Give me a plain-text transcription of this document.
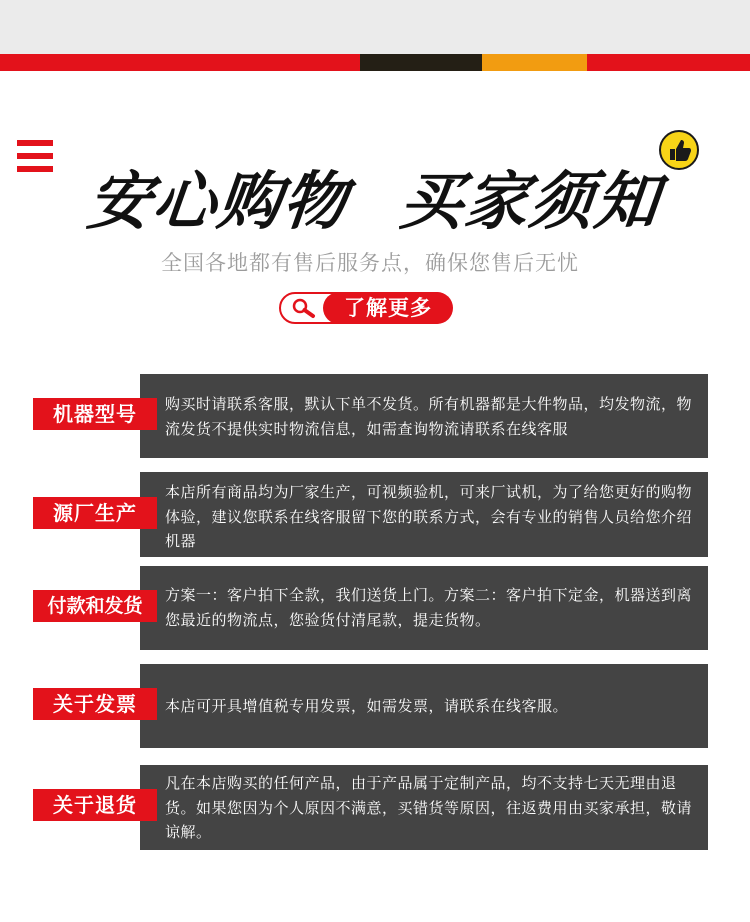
安心购物 买家须知
全国各地都有售后服务点，确保您售后无忧
了解更多
购买时请联系客服，默认下单不发货。所有机器都是大件物品，均发物流，物流发货不提供实时物流信息，如需查询物流请联系在线客服
机器型号
本店所有商品均为厂家生产，可视频验机，可来厂试机，为了给您更好的购物体验，建议您联系在线客服留下您的联系方式，会有专业的销售人员给您介绍机器
源厂生产
方案一：客户拍下全款，我们送货上门。方案二：客户拍下定金，机器送到离您最近的物流点，您验货付清尾款，提走货物。
付款和发货
本店可开具增值税专用发票，如需发票，请联系在线客服。
关于发票
凡在本店购买的任何产品，由于产品属于定制产品，均不支持七天无理由退货。如果您因为个人原因不满意，买错货等原因，往返费用由买家承担，敬请谅解。
关于退货
